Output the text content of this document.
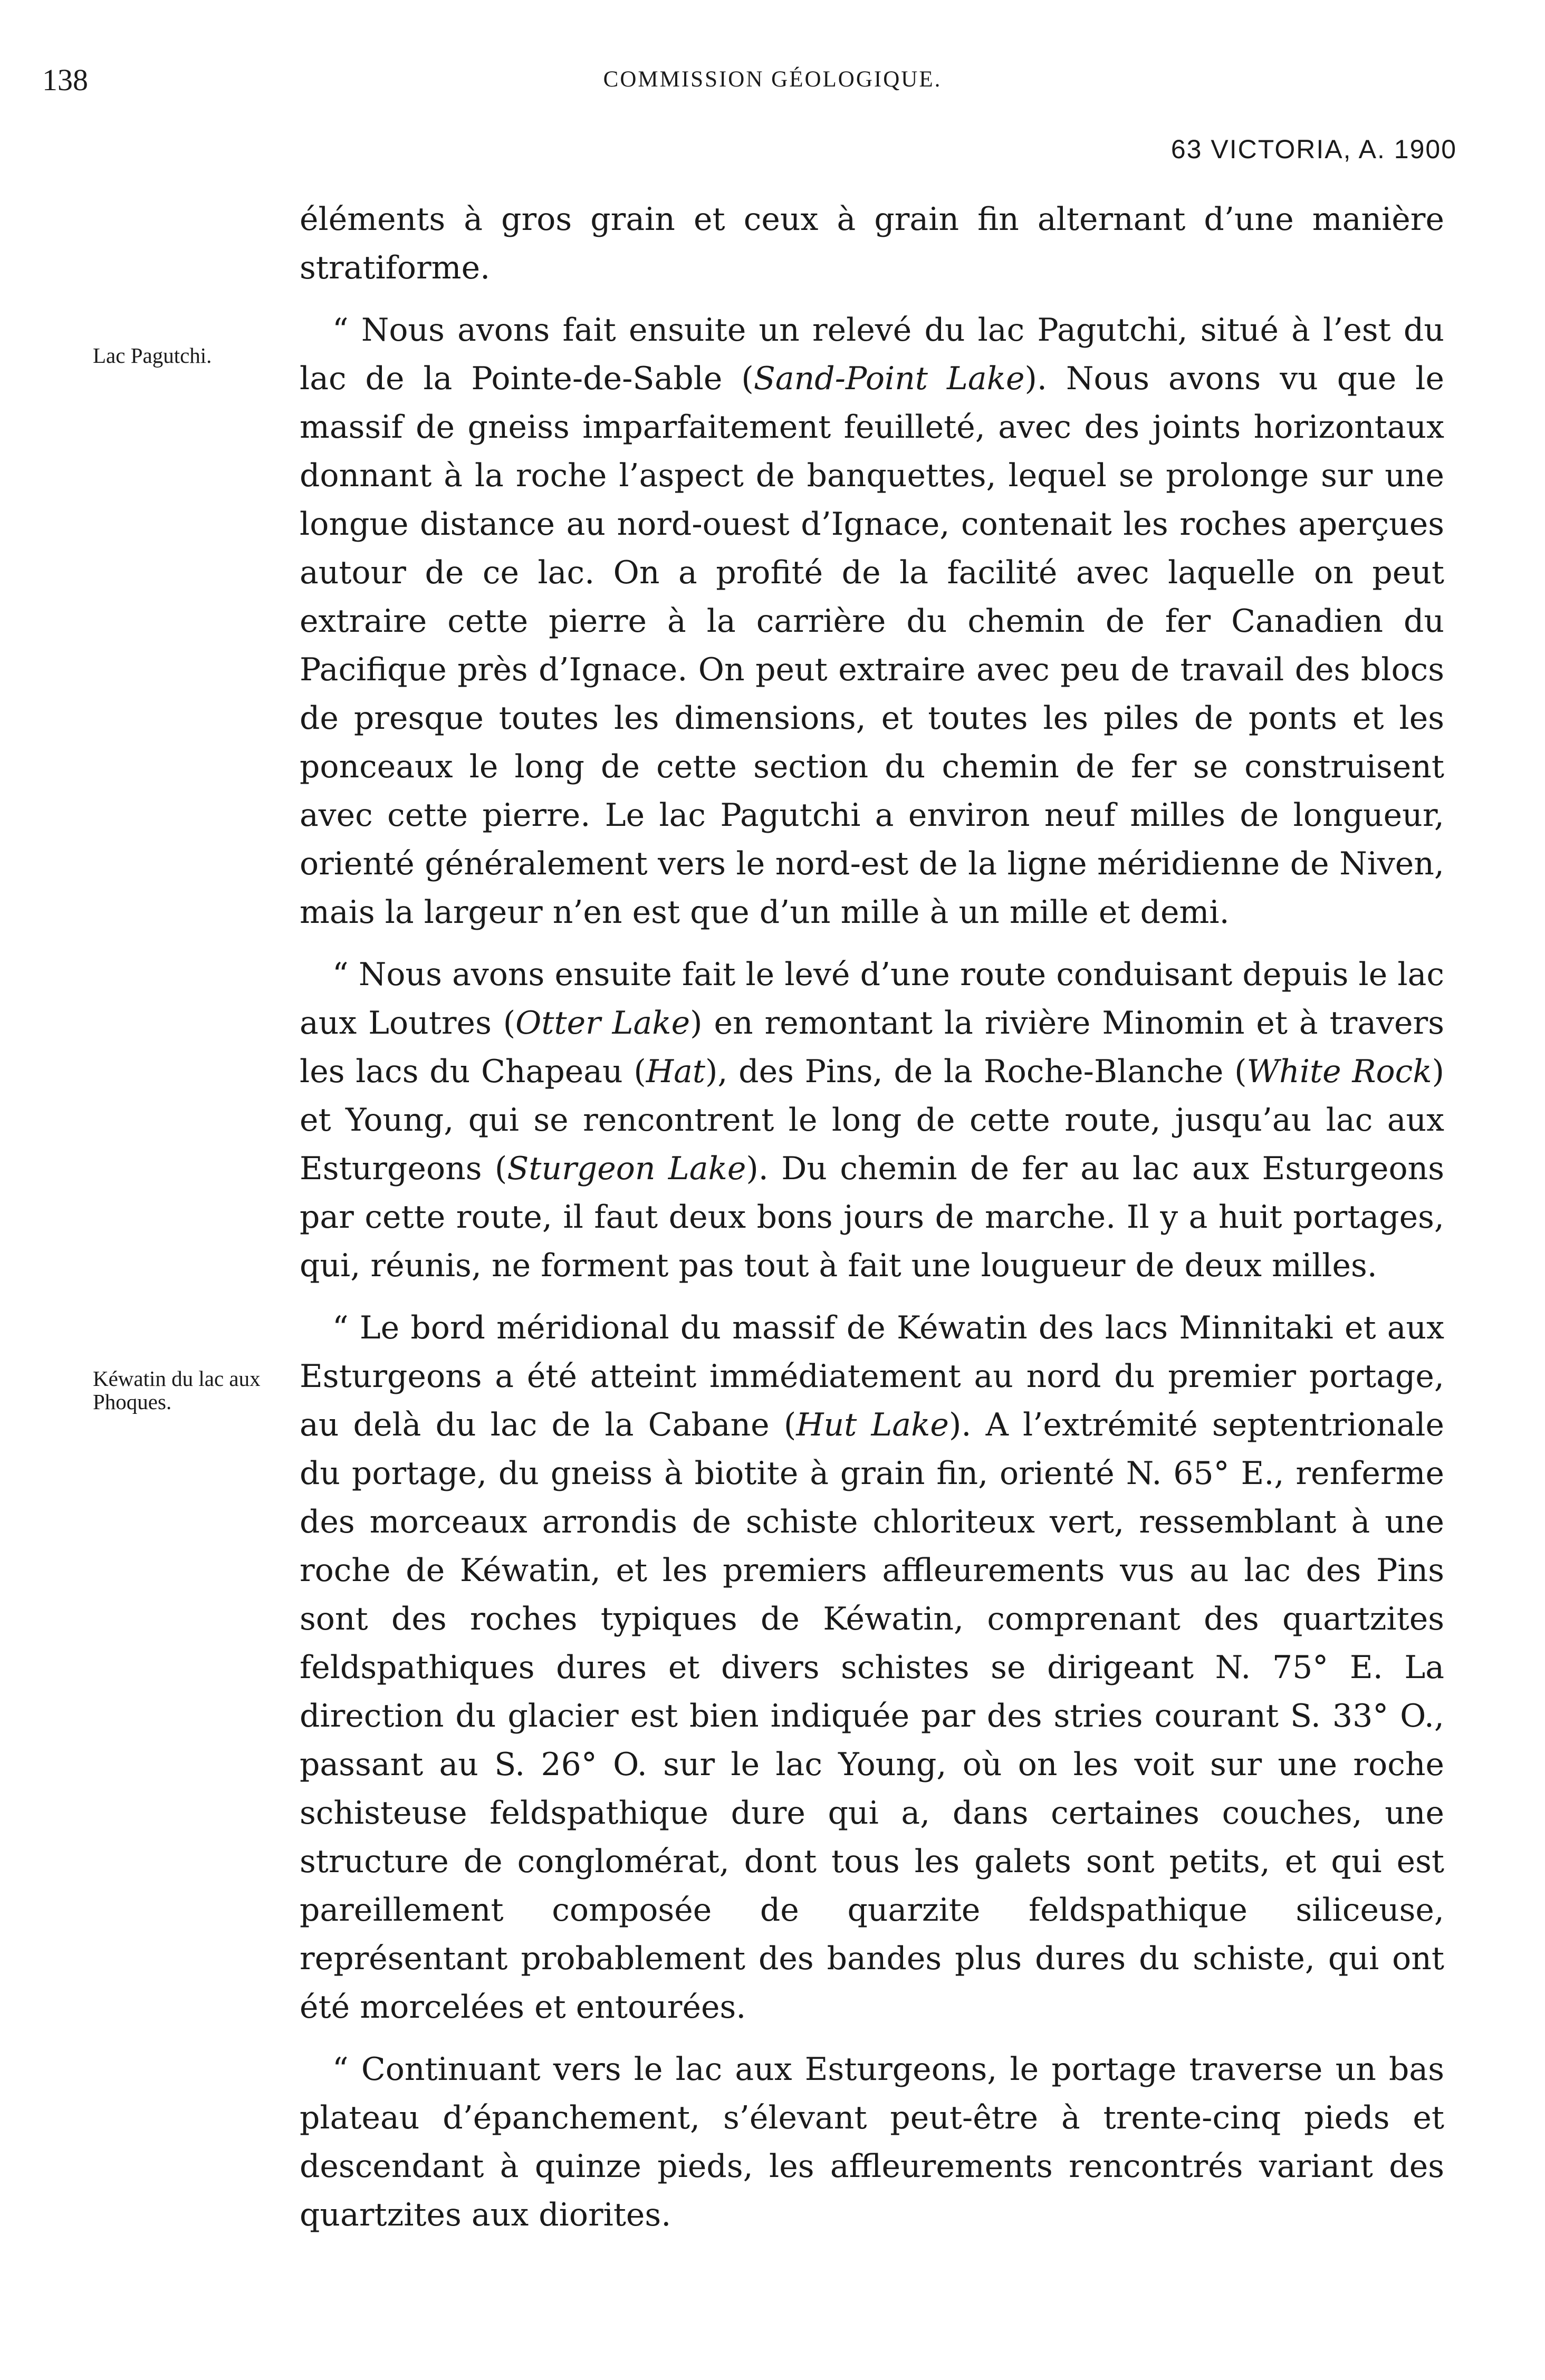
138	COMMISSION GÉOLOGIQUE.
63 VICTORIA, A. 1900
Lac Pagutchi.
Kéwatin du lac aux Phoques.

éléments à gros grain et ceux à grain fin alternant d’une manière stratiforme.

“ Nous avons fait ensuite un relevé du lac Pagutchi, situé à l’est du lac de la Pointe-de-Sable (Sand-Point Lake). Nous avons vu que le massif de gneiss imparfaitement feuilleté, avec des joints horizontaux donnant à la roche l’aspect de banquettes, lequel se prolonge sur une longue distance au nord-ouest d’Ignace, contenait les roches aperçues autour de ce lac. On a profité de la facilité avec laquelle on peut extraire cette pierre à la carrière du chemin de fer Canadien du Pacifique près d’Ignace. On peut extraire avec peu de travail des blocs de presque toutes les dimensions, et toutes les piles de ponts et les ponceaux le long de cette section du chemin de fer se construisent avec cette pierre. Le lac Pagutchi a environ neuf milles de longueur, orienté généralement vers le nord-est de la ligne méridienne de Niven, mais la largeur n’en est que d’un mille à un mille et demi.

“ Nous avons ensuite fait le levé d’une route conduisant depuis le lac aux Loutres (Otter Lake) en remontant la rivière Minomin et à travers les lacs du Chapeau (Hat), des Pins, de la Roche-Blanche (White Rock) et Young, qui se rencontrent le long de cette route, jusqu’au lac aux Esturgeons (Sturgeon Lake). Du chemin de fer au lac aux Esturgeons par cette route, il faut deux bons jours de marche. Il y a huit portages, qui, réunis, ne forment pas tout à fait une lougueur de deux milles.

“ Le bord méridional du massif de Kéwatin des lacs Minnitaki et aux Esturgeons a été atteint immédiatement au nord du premier portage, au delà du lac de la Cabane (Hut Lake). A l’extrémité septentrionale du portage, du gneiss à biotite à grain fin, orienté N. 65° E., renferme des morceaux arrondis de schiste chloriteux vert, ressemblant à une roche de Kéwatin, et les premiers affleurements vus au lac des Pins sont des roches typiques de Kéwatin, comprenant des quartzites feldspathiques dures et divers schistes se dirigeant N. 75° E. La direction du glacier est bien indiquée par des stries courant S. 33° O., passant au S. 26° O. sur le lac Young, où on les voit sur une roche schisteuse feldspathique dure qui a, dans certaines couches, une structure de conglomérat, dont tous les galets sont petits, et qui est pareillement composée de quarzite feldspathique siliceuse, représentant probablement des bandes plus dures du schiste, qui ont été morcelées et entourées.

“ Continuant vers le lac aux Esturgeons, le portage traverse un bas plateau d’épanchement, s’élevant peut-être à trente-cinq pieds et descendant à quinze pieds, les affleurements rencontrés variant des quartzites aux diorites.
